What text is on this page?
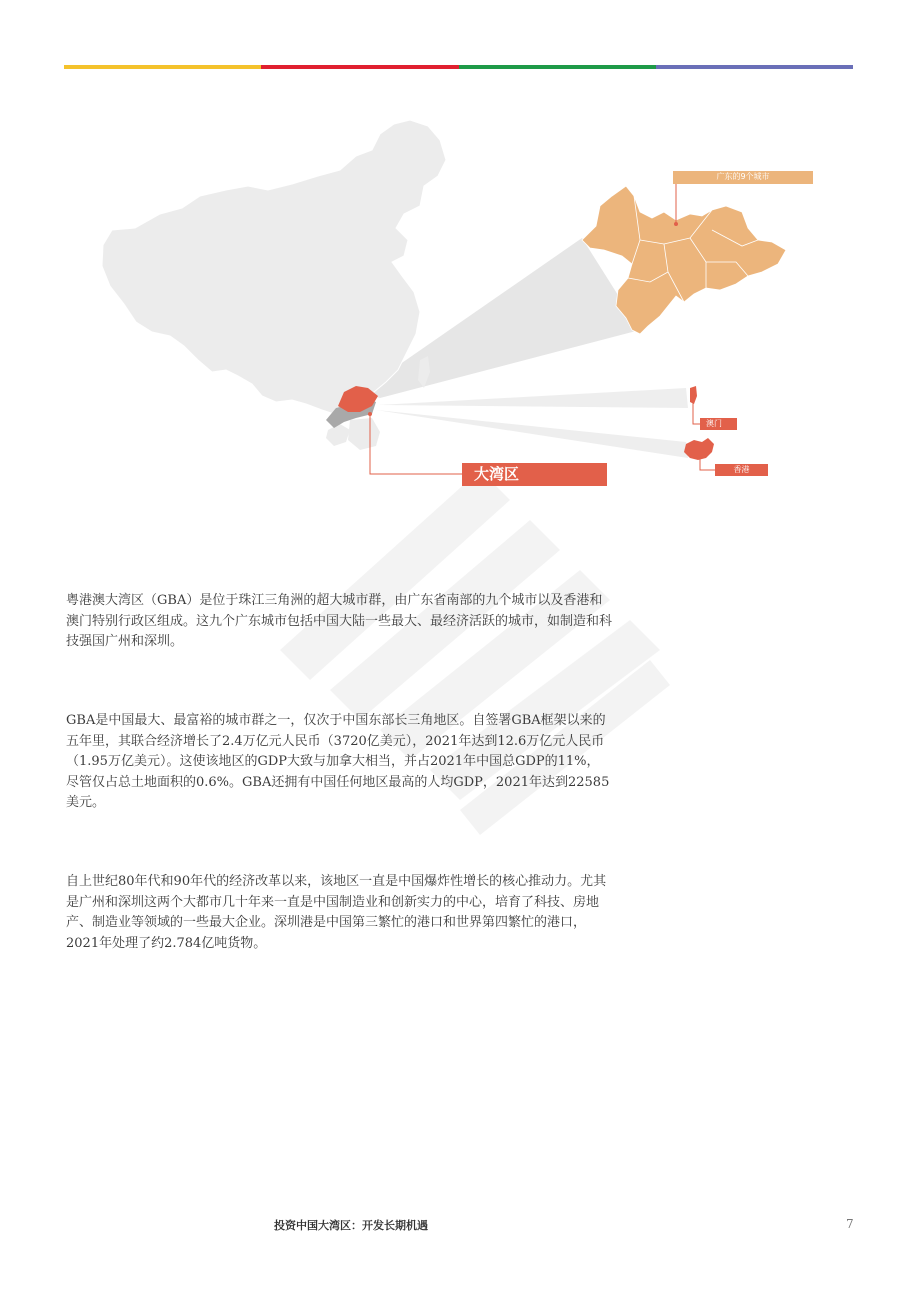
广东的9个城市
澳门
香港
大湾区

粤港澳大湾区（GBA）是位于珠江三角洲的超大城市群，由广东省南部的九个城市以及香港和澳门特别行政区组成。这九个广东城市包括中国大陆一些最大、最经济活跃的城市，如制造和科技强国广州和深圳。

GBA是中国最大、最富裕的城市群之一，仅次于中国东部长三角地区。自签署GBA框架以来的五年里，其联合经济增长了2.4万亿元人民币（3720亿美元），2021年达到12.6万亿元人民币（1.95万亿美元）。这使该地区的GDP大致与加拿大相当，并占2021年中国总GDP的11%，尽管仅占总土地面积的0.6%。GBA还拥有中国任何地区最高的人均GDP，2021年达到22585美元。

自上世纪80年代和90年代的经济改革以来，该地区一直是中国爆炸性增长的核心推动力。尤其是广州和深圳这两个大都市几十年来一直是中国制造业和创新实力的中心，培育了科技、房地产、制造业等领域的一些最大企业。深圳港是中国第三繁忙的港口和世界第四繁忙的港口，2021年处理了约2.784亿吨货物。

投资中国大湾区：开发长期机遇	7
